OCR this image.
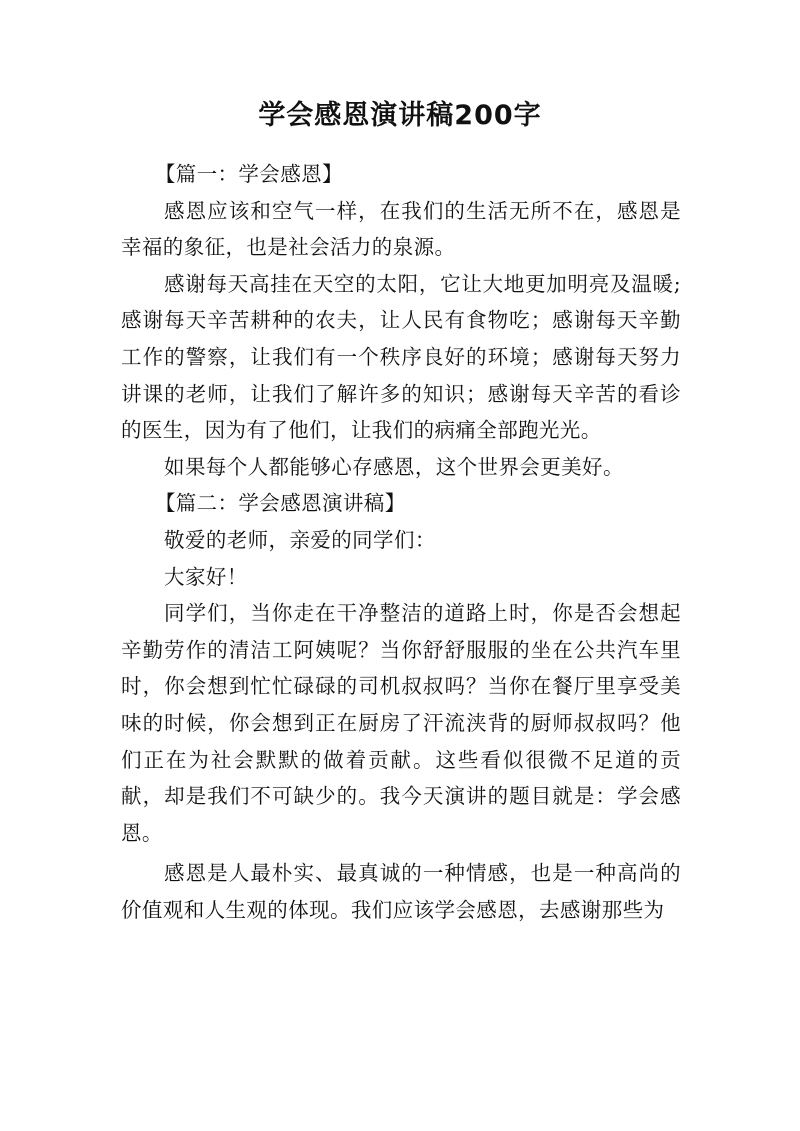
学会感恩演讲稿200字

【篇一：学会感恩】

感恩应该和空气一样，在我们的生活无所不在，感恩是幸福的象征，也是社会活力的泉源。

感谢每天高挂在天空的太阳，它让大地更加明亮及温暖;感谢每天辛苦耕种的农夫，让人民有食物吃；感谢每天辛勤工作的警察，让我们有一个秩序良好的环境；感谢每天努力讲课的老师，让我们了解许多的知识；感谢每天辛苦的看诊的医生，因为有了他们，让我们的病痛全部跑光光。

如果每个人都能够心存感恩，这个世界会更美好。

【篇二：学会感恩演讲稿】

敬爱的老师，亲爱的同学们：

大家好！

同学们，当你走在干净整洁的道路上时，你是否会想起辛勤劳作的清洁工阿姨呢？当你舒舒服服的坐在公共汽车里时，你会想到忙忙碌碌的司机叔叔吗？当你在餐厅里享受美味的时候，你会想到正在厨房了汗流浃背的厨师叔叔吗？他们正在为社会默默的做着贡献。这些看似很微不足道的贡献，却是我们不可缺少的。我今天演讲的题目就是：学会感恩。

感恩是人最朴实、最真诚的一种情感，也是一种高尚的价值观和人生观的体现。我们应该学会感恩，去感谢那些为
